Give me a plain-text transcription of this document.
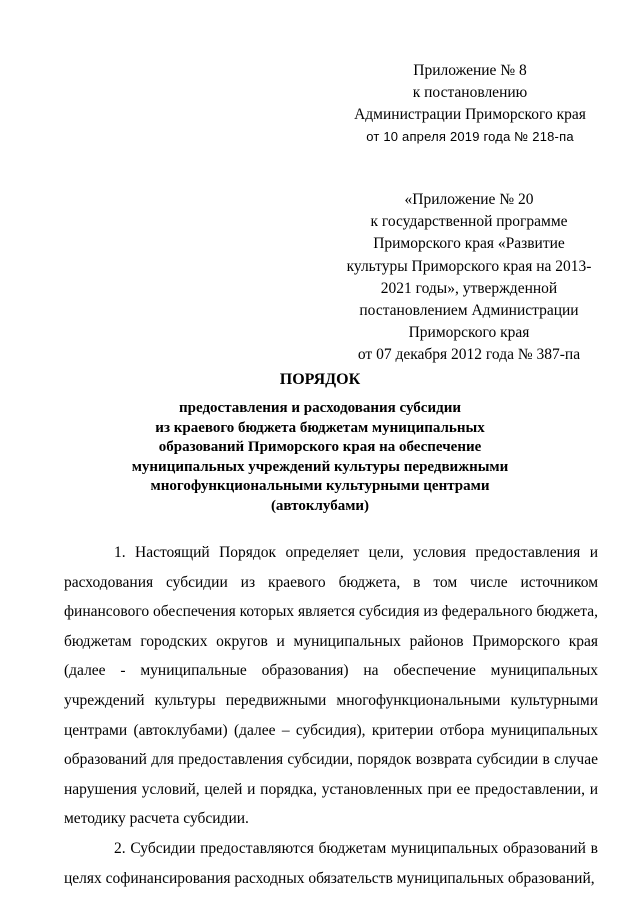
Приложение № 8
к постановлению
Администрации Приморского края
от 10 апреля 2019 года № 218-па
«Приложение № 20
к государственной программе
Приморского края «Развитие
культуры Приморского края на 2013-
2021 годы», утвержденной
постановлением Администрации
Приморского края
от 07 декабря 2012 года № 387-па
ПОРЯДОК
предоставления и расходования субсидии
из краевого бюджета бюджетам муниципальных
образований Приморского края на обеспечение
муниципальных учреждений культуры передвижными
многофункциональными культурными центрами
(автоклубами)

1. Настоящий Порядок определяет цели, условия предоставления и расходования субсидии из краевого бюджета, в том числе источником финансового обеспечения которых является субсидия из федерального бюджета, бюджетам городских округов и муниципальных районов Приморского края (далее - муниципальные образования) на обеспечение муниципальных учреждений культуры передвижными многофункциональными культурными центрами (автоклубами) (далее – субсидия), критерии отбора муниципальных образований для предоставления субсидии, порядок возврата субсидии в случае нарушения условий, целей и порядка, установленных при ее предоставлении, и методику расчета субсидии.

2. Субсидии предоставляются бюджетам муниципальных образований в целях софинансирования расходных обязательств муниципальных образований,
